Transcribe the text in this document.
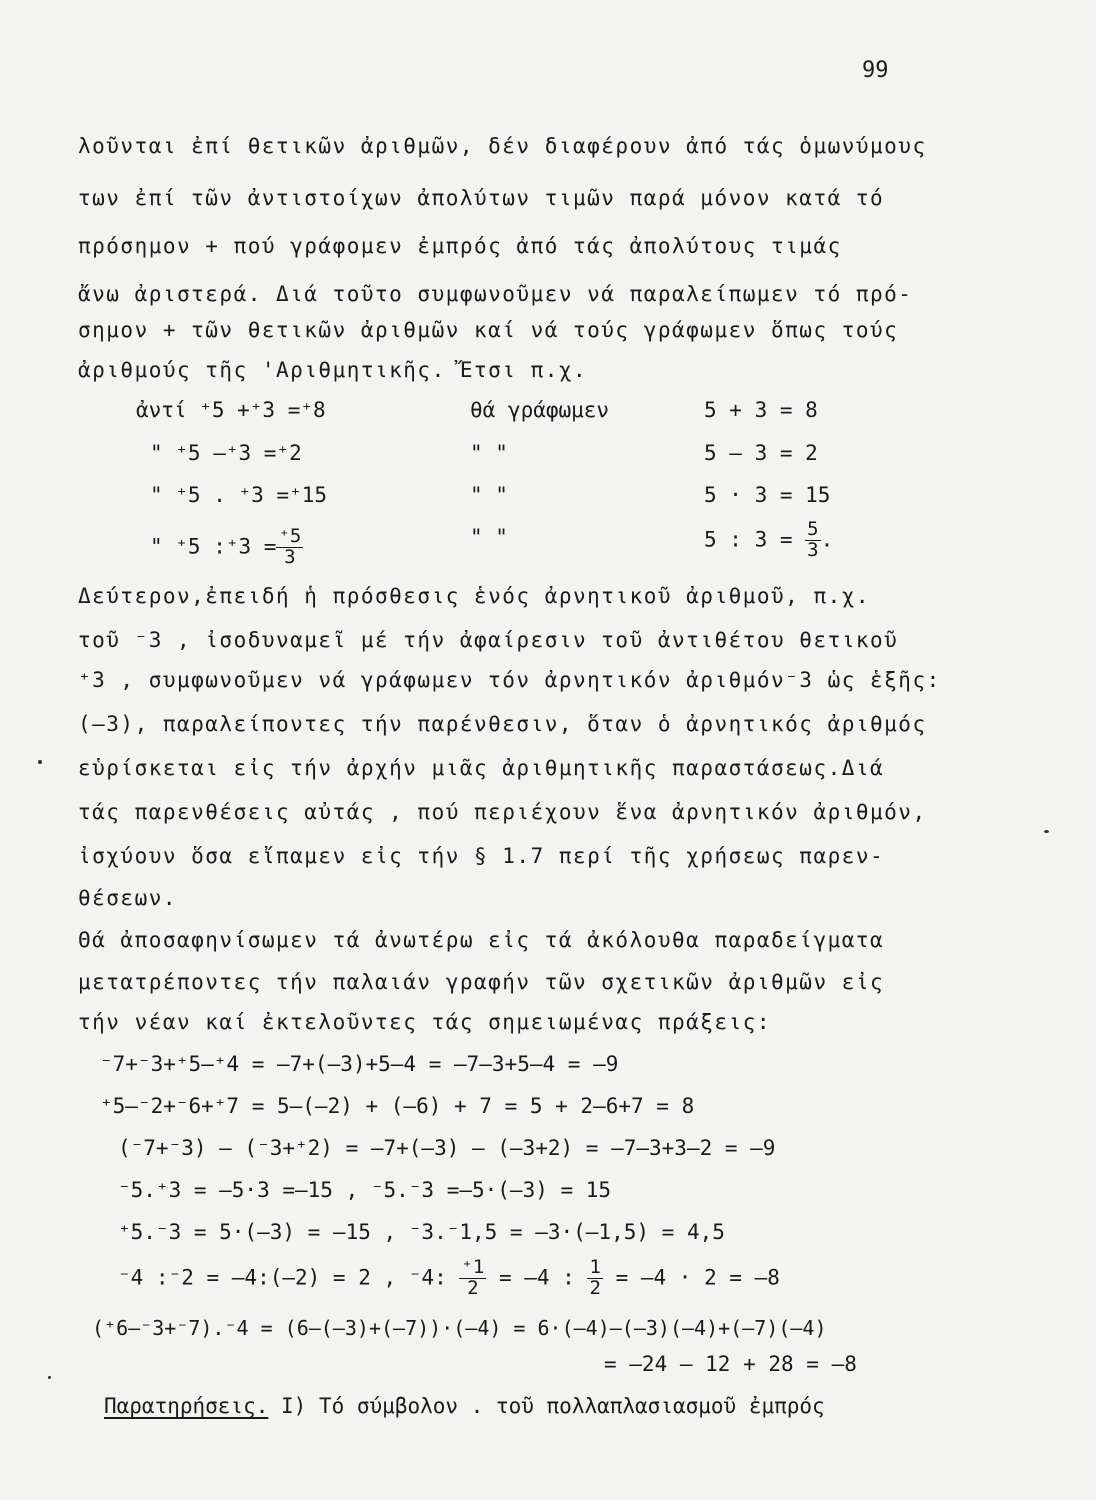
99
λοῦνται ἐπί θετικῶν ἀριθμῶν, δέν διαφέρουν ἀπό τάς ὁμωνύμους
των ἐπί τῶν ἀντιστοίχων ἀπολύτων τιμῶν παρά μόνον κατά τό
πρόσημον + πού γράφομεν ἐμπρός ἀπό τάς ἀπολύτους τιμάς
ἄνω ἀριστερά. Διά τοῦτο συμφωνοῦμεν νά παραλείπωμεν τό πρό-
σημον + τῶν θετικῶν ἀριθμῶν καί νά τούς γράφωμεν ὅπως τούς
ἀριθμούς τῆς 'Αριθμητικῆς. Ἔτσι π.χ.
ἀντί ⁺5 +⁺3 =⁺8
" ⁺5 –⁺3 =⁺2
" ⁺5 . ⁺3 =⁺15
" ⁺5 :⁺3 = $\frac{^+5}{3}$
θά γράφωμεν
" "
" "
" "
5 + 3 = 8
5 – 3 = 2
5 · 3 = 15
5 : $3 = \frac{5}{3}$ .
Δεύτερον,ἐπειδή ἡ πρόσθεσις ἑνός ἀρνητικοῦ ἀριθμοῦ, π.χ.
τοῦ ⁻3 , ἰσοδυναμεῖ μέ τήν ἀφαίρεσιν τοῦ ἀντιθέτου θετικοῦ
⁺3 , συμφωνοῦμεν νά γράφωμεν τόν ἀρνητικόν ἀριθμόν⁻3 ὡς ἑξῆς:
(–3), παραλείποντες τήν παρένθεσιν, ὅταν ὁ ἀρνητικός ἀριθμός
εὑρίσκεται εἰς τήν ἀρχήν μιᾶς ἀριθμητικῆς παραστάσεως.Διά
τάς παρενθέσεις αὐτάς , πού περιέχουν ἕνα ἀρνητικόν ἀριθμόν,
ἰσχύουν ὅσα εἴπαμεν εἰς τήν § 1.7 περί τῆς χρήσεως παρεν-
θέσεων.
Θά ἀποσαφηνίσωμεν τά ἀνωτέρω εἰς τά ἀκόλουθα παραδείγματα
μετατρέποντες τήν παλαιάν γραφήν τῶν σχετικῶν ἀριθμῶν εἰς
τήν νέαν καί ἐκτελοῦντες τάς σημειωμένας πράξεις:
⁻7+⁻3+⁺5–⁺4 = –7+(–3)+5–4 = –7–3+5–4 = –9
⁺5–⁻2+⁻6+⁺7 = 5–(–2) + (–6) + 7 = 5 + 2–6+7 = 8
(⁻7+⁻3) – (⁻3+⁺2) = –7+(–3) – (–3+2) = –7–3+3–2 = –9
⁻5.⁺3 = –5·3 =–15 , ⁻5.⁻3 =–5·(–3) = 15
⁺5.⁻3 = 5·(–3) = –15 , ⁻3.⁻1,5 = –3·(–1,5) = 4,5
⁻4 :⁻2 = –4:(–2) = 2 , ⁻4: $\frac{^+1}{2} = -4$ : $\frac{1}{2} = -4 \cdot 2 = -8$
(⁺6–⁻3+⁻7).⁻4 = (6–(–3)+(–7))·(–4) = 6·(–4)–(–3)(–4)+(–7)(–4)
= –24 – 12 + 28 = –8
Παρατηρήσεις. I) Τό σύμβολον . τοῦ πολλαπλασιασμοῦ ἐμπρός
